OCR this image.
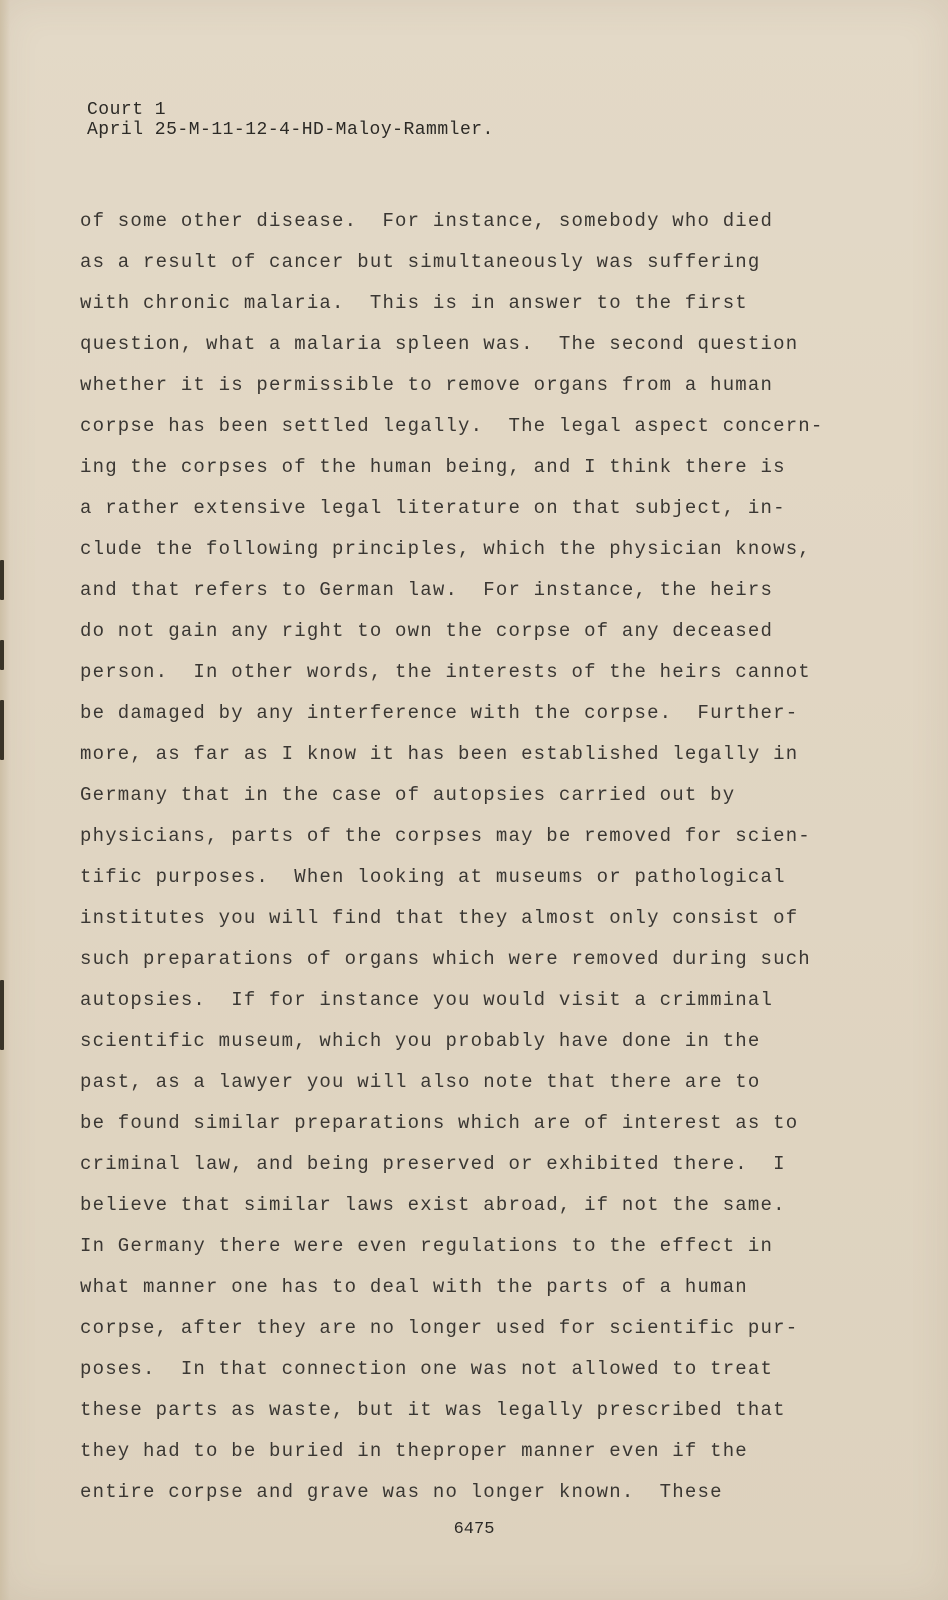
Court 1
April 25-M-11-12-4-HD-Maloy-Rammler.
of some other disease.  For instance, somebody who died
as a result of cancer but simultaneously was suffering
with chronic malaria.  This is in answer to the first
question, what a malaria spleen was.  The second question
whether it is permissible to remove organs from a human
corpse has been settled legally.  The legal aspect concern-
ing the corpses of the human being, and I think there is
a rather extensive legal literature on that subject, in-
clude the following principles, which the physician knows,
and that refers to German law.  For instance, the heirs
do not gain any right to own the corpse of any deceased
person.  In other words, the interests of the heirs cannot
be damaged by any interference with the corpse.  Further-
more, as far as I know it has been established legally in
Germany that in the case of autopsies carried out by
physicians, parts of the corpses may be removed for scien-
tific purposes.  When looking at museums or pathological
institutes you will find that they almost only consist of
such preparations of organs which were removed during such
autopsies.  If for instance you would visit a crimminal
scientific museum, which you probably have done in the
past, as a lawyer you will also note that there are to
be found similar preparations which are of interest as to
criminal law, and being preserved or exhibited there.  I
believe that similar laws exist abroad, if not the same.
In Germany there were even regulations to the effect in
what manner one has to deal with the parts of a human
corpse, after they are no longer used for scientific pur-
poses.  In that connection one was not allowed to treat
these parts as waste, but it was legally prescribed that
they had to be buried in theproper manner even if the
entire corpse and grave was no longer known.  These
6475
